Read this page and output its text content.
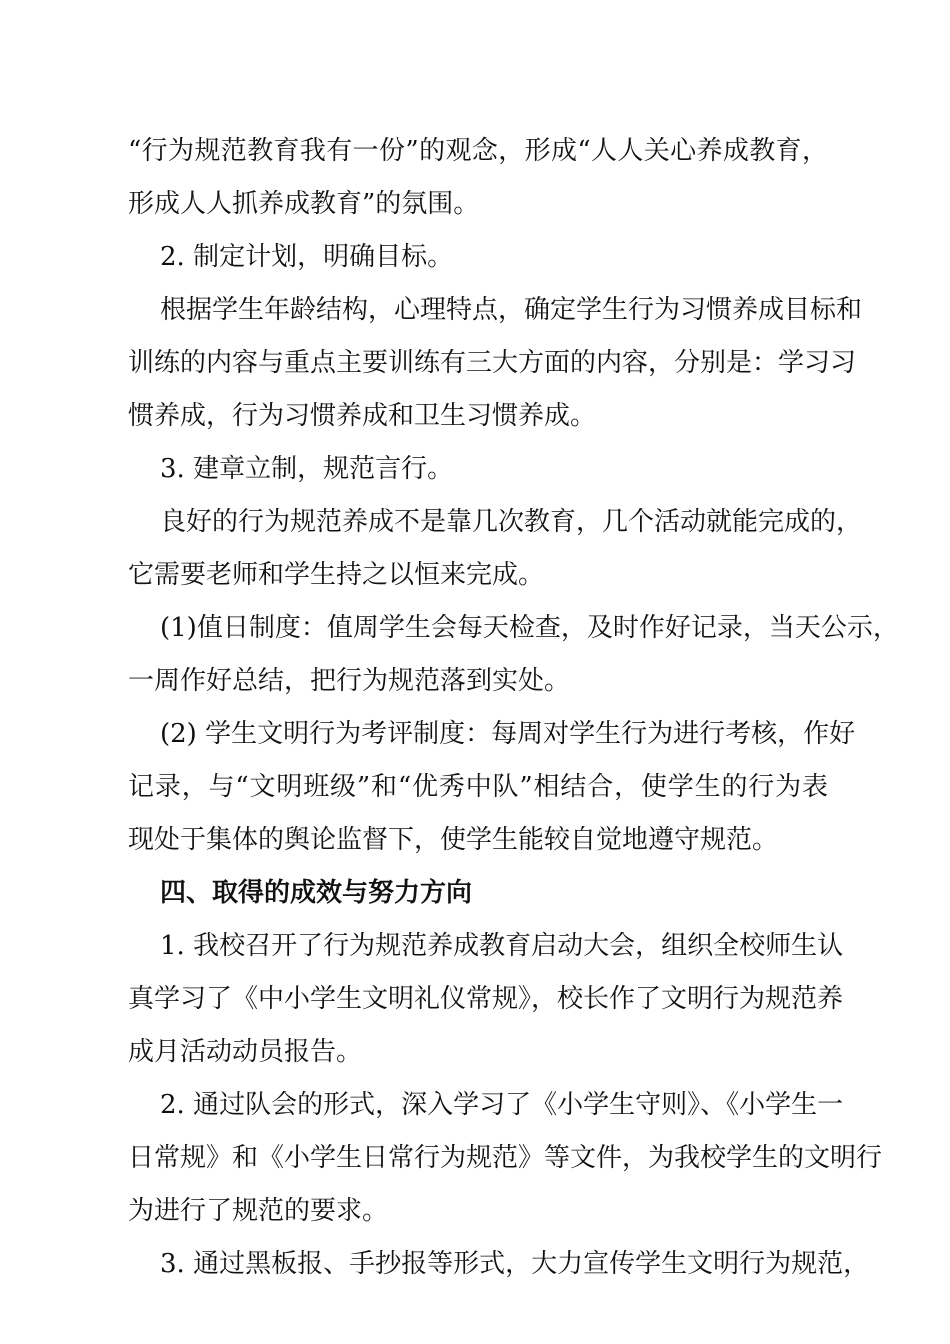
“行为规范教育我有一份”的观念，形成“人人关心养成教育，
形成人人抓养成教育”的氛围。
2. 制定计划，明确目标。
根据学生年龄结构，心理特点，确定学生行为习惯养成目标和
训练的内容与重点主要训练有三大方面的内容，分别是：学习习
惯养成，行为习惯养成和卫生习惯养成。
3. 建章立制，规范言行。
良好的行为规范养成不是靠几次教育，几个活动就能完成的，
它需要老师和学生持之以恒来完成。
(1)值日制度：值周学生会每天检查，及时作好记录，当天公示，
一周作好总结，把行为规范落到实处。
(2) 学生文明行为考评制度：每周对学生行为进行考核，作好
记录，与“文明班级”和“优秀中队”相结合，使学生的行为表
现处于集体的舆论监督下，使学生能较自觉地遵守规范。
四、取得的成效与努力方向
1. 我校召开了行为规范养成教育启动大会，组织全校师生认
真学习了《中小学生文明礼仪常规》，校长作了文明行为规范养
成月活动动员报告。
2. 通过队会的形式，深入学习了《小学生守则》、《小学生一
日常规》和《小学生日常行为规范》等文件，为我校学生的文明行
为进行了规范的要求。
3. 通过黑板报、手抄报等形式，大力宣传学生文明行为规范，
